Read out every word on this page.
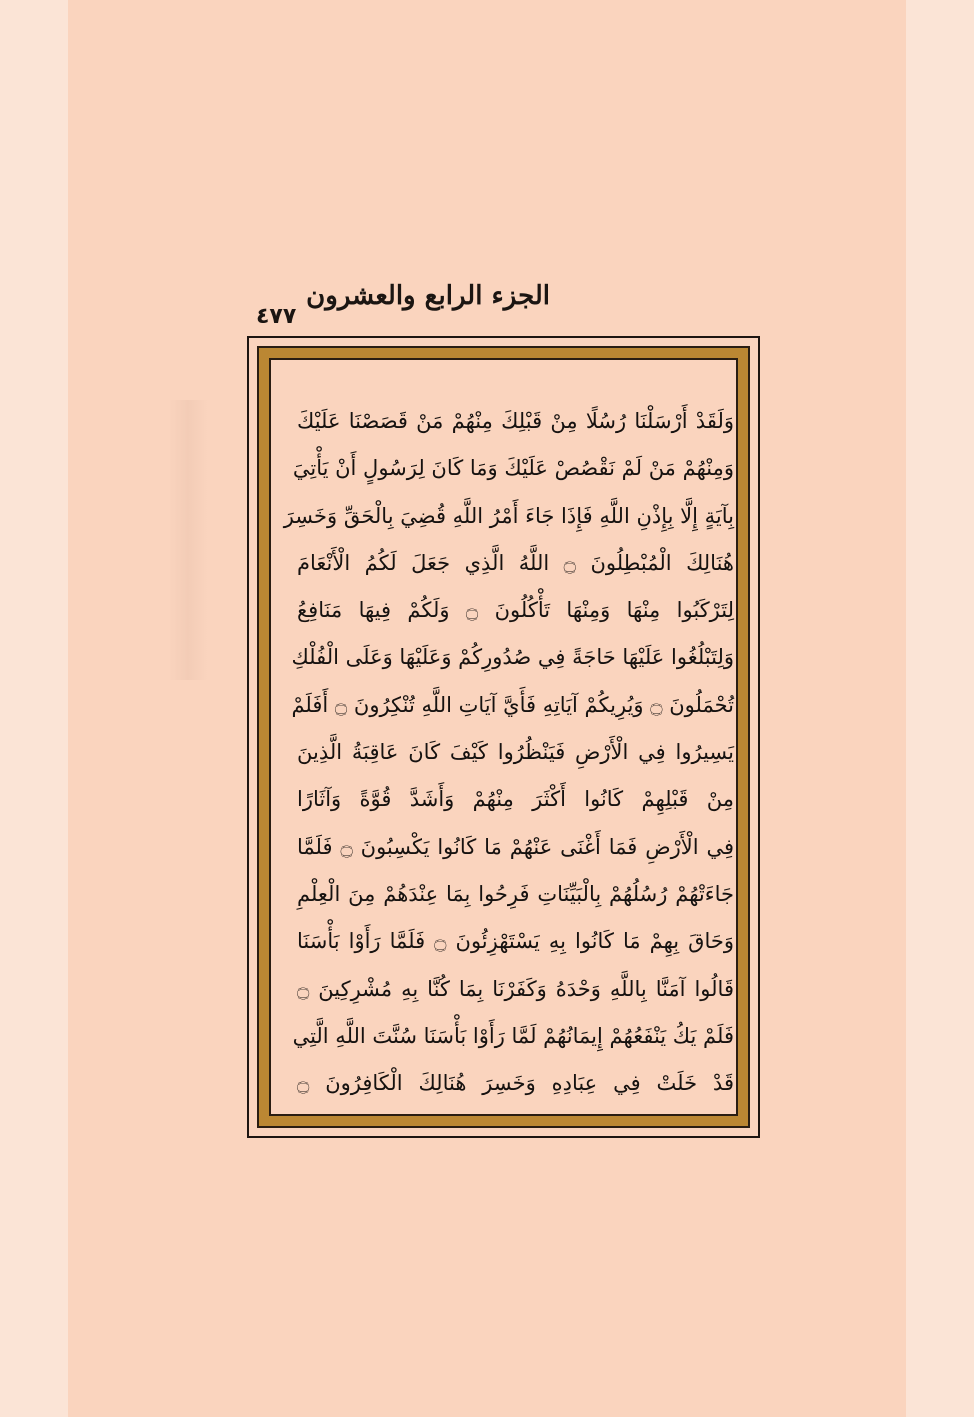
الجزء الرابع والعشرون
٤٧٧
وَلَقَدْ أَرْسَلْنَا رُسُلًا مِنْ قَبْلِكَ مِنْهُمْ مَنْ قَصَصْنَا عَلَيْكَ
وَمِنْهُمْ مَنْ لَمْ نَقْصُصْ عَلَيْكَ وَمَا كَانَ لِرَسُولٍ أَنْ يَأْتِيَ
بِآيَةٍ إِلَّا بِإِذْنِ اللَّهِ فَإِذَا جَاءَ أَمْرُ اللَّهِ قُضِيَ بِالْحَقِّ وَخَسِرَ
هُنَالِكَ الْمُبْطِلُونَ ۝ اللَّهُ الَّذِي جَعَلَ لَكُمُ الْأَنْعَامَ
لِتَرْكَبُوا مِنْهَا وَمِنْهَا تَأْكُلُونَ ۝ وَلَكُمْ فِيهَا مَنَافِعُ
وَلِتَبْلُغُوا عَلَيْهَا حَاجَةً فِي صُدُورِكُمْ وَعَلَيْهَا وَعَلَى الْفُلْكِ
تُحْمَلُونَ ۝ وَيُرِيكُمْ آيَاتِهِ فَأَيَّ آيَاتِ اللَّهِ تُنْكِرُونَ ۝ أَفَلَمْ
يَسِيرُوا فِي الْأَرْضِ فَيَنْظُرُوا كَيْفَ كَانَ عَاقِبَةُ الَّذِينَ
مِنْ قَبْلِهِمْ كَانُوا أَكْثَرَ مِنْهُمْ وَأَشَدَّ قُوَّةً وَآثَارًا
فِي الْأَرْضِ فَمَا أَغْنَى عَنْهُمْ مَا كَانُوا يَكْسِبُونَ ۝ فَلَمَّا
جَاءَتْهُمْ رُسُلُهُمْ بِالْبَيِّنَاتِ فَرِحُوا بِمَا عِنْدَهُمْ مِنَ الْعِلْمِ
وَحَاقَ بِهِمْ مَا كَانُوا بِهِ يَسْتَهْزِئُونَ ۝ فَلَمَّا رَأَوْا بَأْسَنَا
قَالُوا آمَنَّا بِاللَّهِ وَحْدَهُ وَكَفَرْنَا بِمَا كُنَّا بِهِ مُشْرِكِينَ ۝
فَلَمْ يَكُ يَنْفَعُهُمْ إِيمَانُهُمْ لَمَّا رَأَوْا بَأْسَنَا سُنَّتَ اللَّهِ الَّتِي
قَدْ خَلَتْ فِي عِبَادِهِ وَخَسِرَ هُنَالِكَ الْكَافِرُونَ ۝
